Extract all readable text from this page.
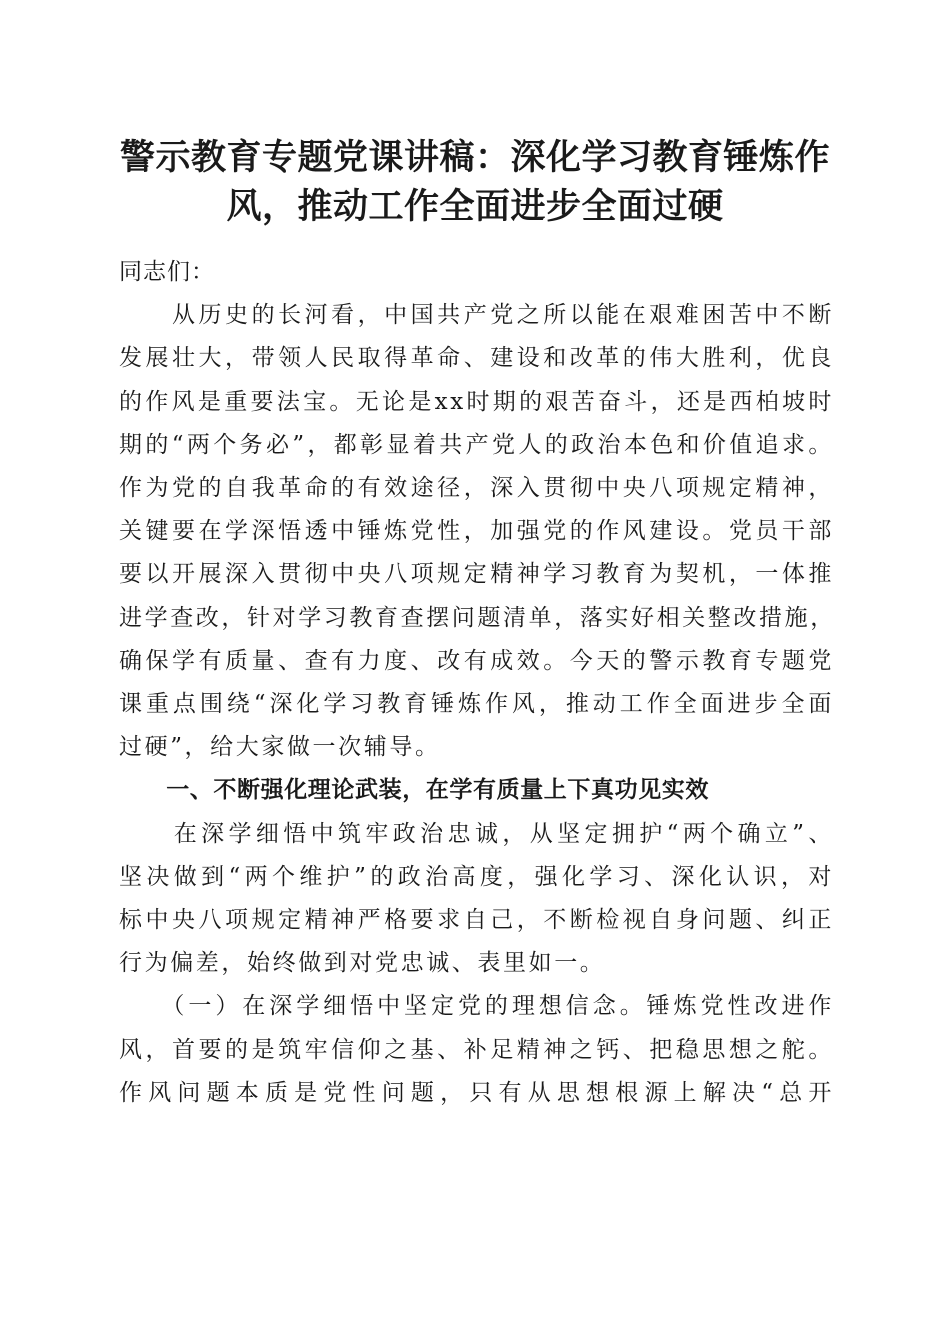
警示教育专题党课讲稿：深化学习教育锤炼作
风，推动工作全面进步全面过硬

同志们：

　　从历史的长河看，中国共产党之所以能在艰难困苦中不断
发展壮大，带领人民取得革命、建设和改革的伟大胜利，优良
的作风是重要法宝。无论是xx时期的艰苦奋斗，还是西柏坡时
期的“两个务必”，都彰显着共产党人的政治本色和价值追求。
作为党的自我革命的有效途径，深入贯彻中央八项规定精神，
关键要在学深悟透中锤炼党性，加强党的作风建设。党员干部
要以开展深入贯彻中央八项规定精神学习教育为契机，一体推
进学查改，针对学习教育查摆问题清单，落实好相关整改措施，
确保学有质量、查有力度、改有成效。今天的警示教育专题党
课重点围绕“深化学习教育锤炼作风，推动工作全面进步全面
过硬”，给大家做一次辅导。

　　一、不断强化理论武装，在学有质量上下真功见实效

　　在深学细悟中筑牢政治忠诚，从坚定拥护“两个确立”、
坚决做到“两个维护”的政治高度，强化学习、深化认识，对
标中央八项规定精神严格要求自己，不断检视自身问题、纠正
行为偏差，始终做到对党忠诚、表里如一。

　　（一）在深学细悟中坚定党的理想信念。锤炼党性改进作
风，首要的是筑牢信仰之基、补足精神之钙、把稳思想之舵。
作风问题本质是党性问题，只有从思想根源上解决“总开
